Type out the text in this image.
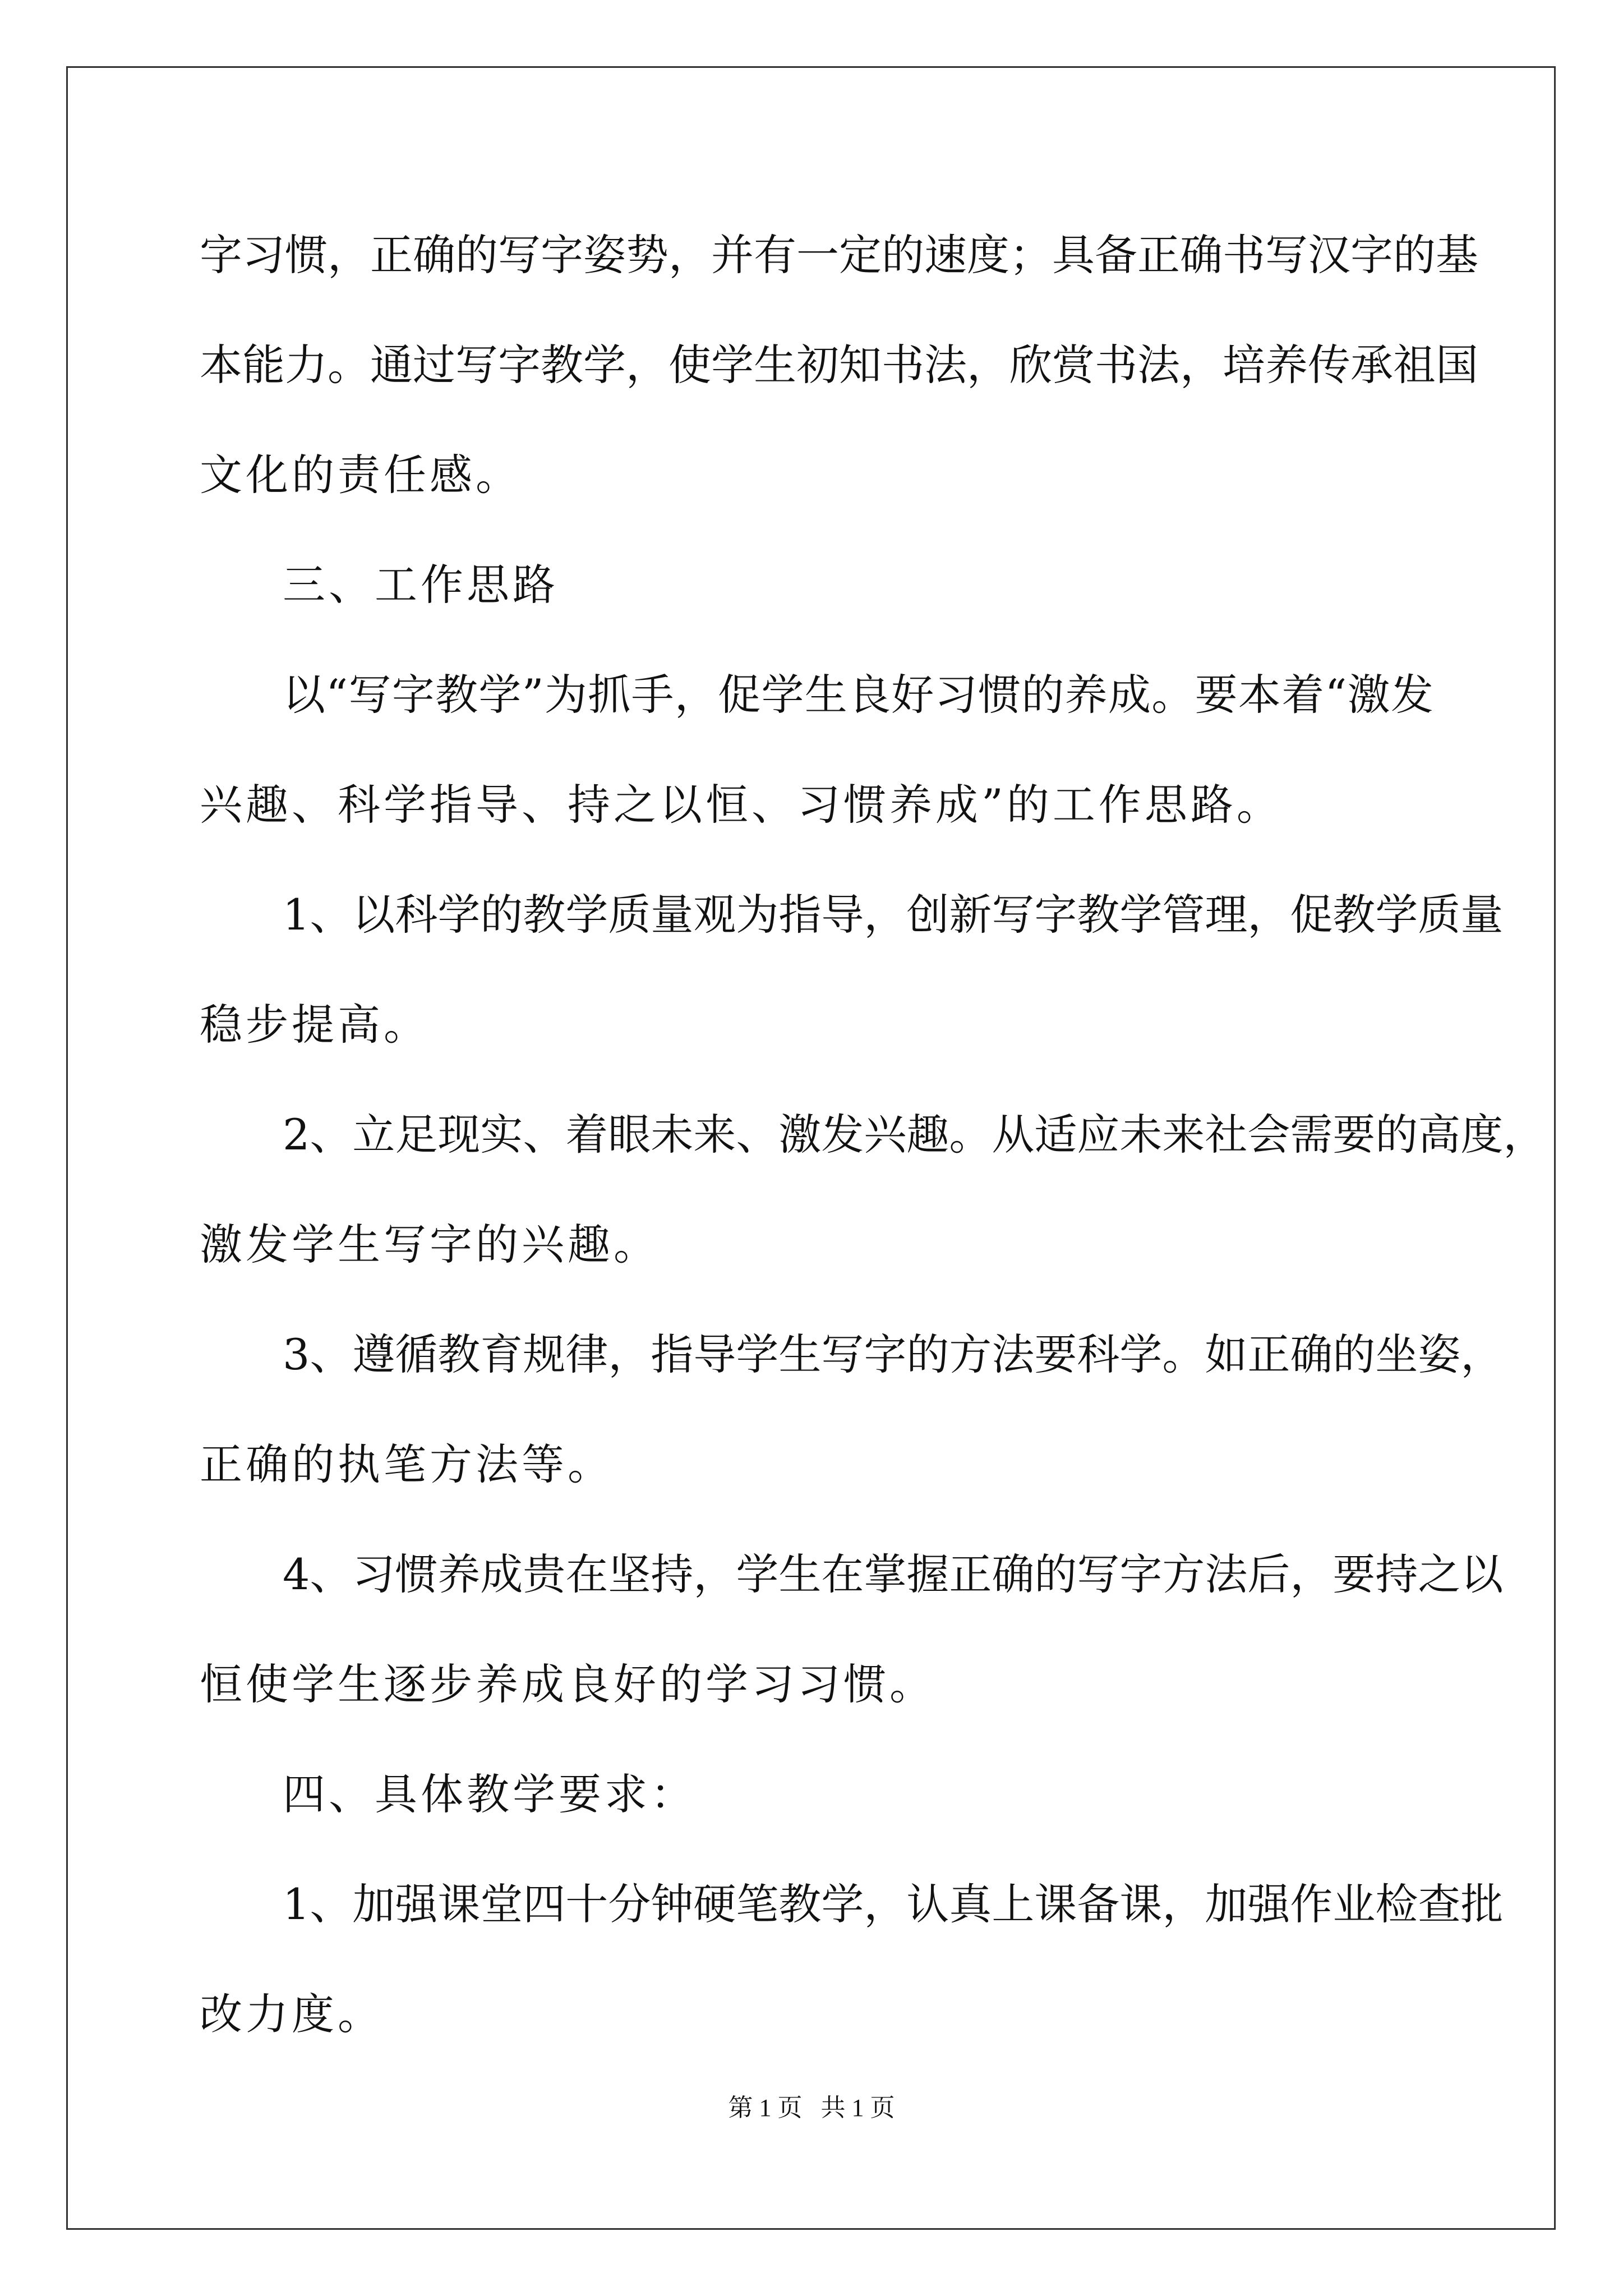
字习惯，正确的写字姿势，并有一定的速度；具备正确书写汉字的基
本能力。通过写字教学，使学生初知书法，欣赏书法，培养传承祖国
文化的责任感。
三、工作思路
以“写字教学”为抓手，促学生良好习惯的养成。要本着“激发
兴趣、科学指导、持之以恒、习惯养成”的工作思路。
1、以科学的教学质量观为指导，创新写字教学管理，促教学质量
稳步提高。
2、立足现实、着眼未来、激发兴趣。从适应未来社会需要的高度，
激发学生写字的兴趣。
3、遵循教育规律，指导学生写字的方法要科学。如正确的坐姿，
正确的执笔方法等。
4、习惯养成贵在坚持，学生在掌握正确的写字方法后，要持之以
恒使学生逐步养成良好的学习习惯。
四、具体教学要求：
1、加强课堂四十分钟硬笔教学，认真上课备课，加强作业检查批
改力度。
第 1 页 共 1 页
